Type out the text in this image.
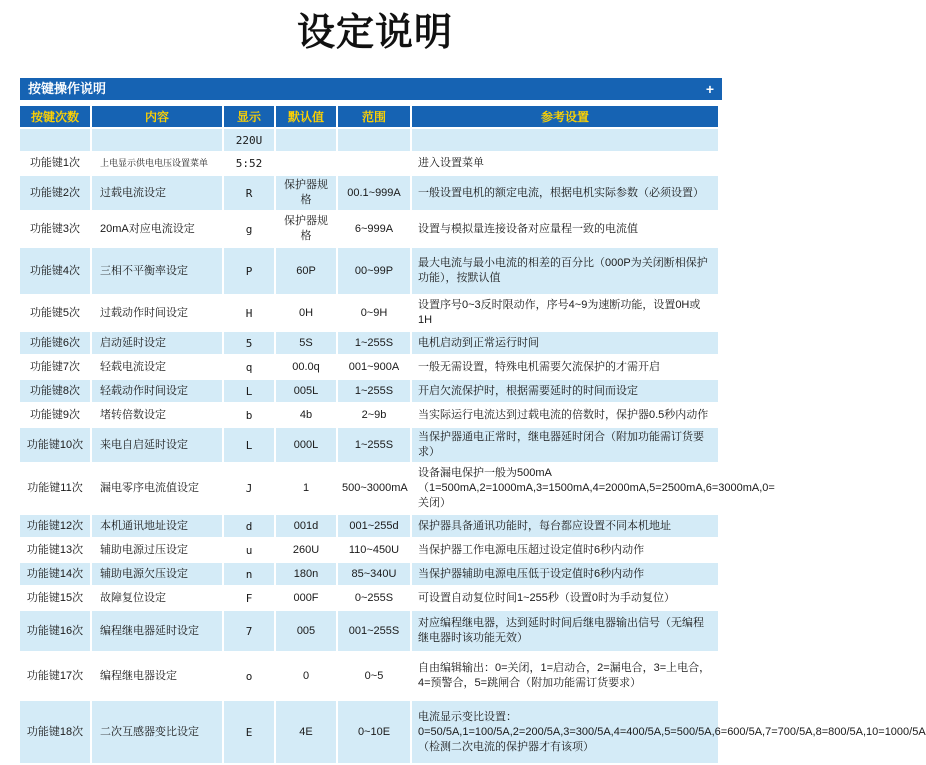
设定说明
按键操作说明	+
按键次数	内容	显示	默认值	范围	参考设置
		220U			
功能键1次	上电显示供电电压设置菜单	5:52			进入设置菜单
功能键2次	过载电流设定	R	保护器规格	00.1~999A	一般设置电机的额定电流，根据电机实际参数（必须设置）
功能键3次	20mA对应电流设定	g	保护器规格	6~999A	设置与模拟量连接设备对应量程一致的电流值
功能键4次	三相不平衡率设定	P	60P	00~99P	最大电流与最小电流的相差的百分比（000P为关闭断相保护功能），按默认值
功能键5次	过载动作时间设定	H	0H	0~9H	设置序号0~3反时限动作，序号4~9为速断功能，设置0H或1H
功能键6次	启动延时设定	5	5S	1~255S	电机启动到正常运行时间
功能键7次	轻载电流设定	q	00.0q	001~900A	一般无需设置，特殊电机需要欠流保护的才需开启
功能键8次	轻载动作时间设定	L	005L	1~255S	开启欠流保护时，根据需要延时的时间而设定
功能键9次	堵转倍数设定	b	4b	2~9b	当实际运行电流达到过载电流的倍数时，保护器0.5秒内动作
功能键10次	来电自启延时设定	L	000L	1~255S	当保护器通电正常时，继电器延时闭合（附加功能需订货要求）
功能键11次	漏电零序电流值设定	J	1	500~3000mA	设备漏电保护一般为500mA（1=500mA,2=1000mA,3=1500mA,4=2000mA,5=2500mA,6=3000mA,0=关闭）
功能键12次	本机通讯地址设定	d	001d	001~255d	保护器具备通讯功能时，每台都应设置不同本机地址
功能键13次	辅助电源过压设定	u	260U	110~450U	当保护器工作电源电压超过设定值时6秒内动作
功能键14次	辅助电源欠压设定	n	180n	85~340U	当保护器辅助电源电压低于设定值时6秒内动作
功能键15次	故障复位设定	F	000F	0~255S	可设置自动复位时间1~255秒（设置0时为手动复位）
功能键16次	编程继电器延时设定	7	005	001~255S	对应编程继电器，达到延时时间后继电器输出信号（无编程继电器时该功能无效）
功能键17次	编程继电器设定	o	0	0~5	自由编辑输出：0=关闭，1=启动合，2=漏电合，3=上电合，4=预警合，5=跳闸合（附加功能需订货要求）
功能键18次	二次互感器变比设定	E	4E	0~10E	电流显示变比设置：0=50/5A,1=100/5A,2=200/5A,3=300/5A,4=400/5A,5=500/5A,6=600/5A,7=700/5A,8=800/5A,10=1000/5A（检测二次电流的保护器才有该项）
